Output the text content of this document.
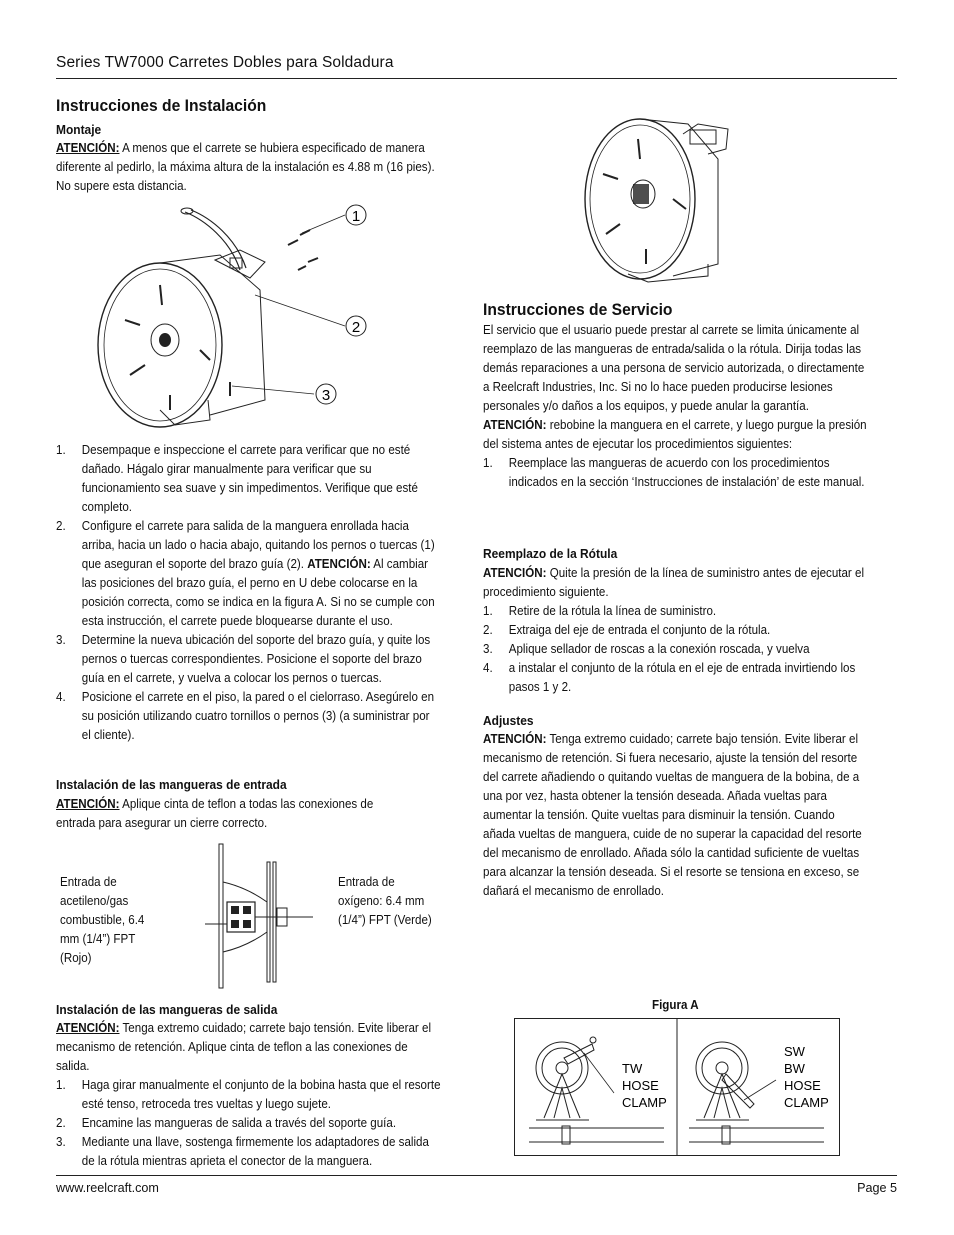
Series TW7000 Carretes Dobles para Soldadura
Instrucciones de Instalación
Montaje
ATENCIÓN: A menos que el carrete se hubiera especificado de manera diferente al pedirlo, la máxima altura de la instalación es 4.88 m (16 pies). No supere esta distancia.
1
2
3
1. Desempaque e inspeccione el carrete para verificar que no esté dañado. Hágalo girar manualmente para verificar que su funcionamiento sea suave y sin impedimentos. Verifique que esté completo.
2. Configure el carrete para salida de la manguera enrollada hacia arriba, hacia un lado o hacia abajo, quitando los pernos o tuercas (1) que aseguran el soporte del brazo guía (2). ATENCIÓN: Al cambiar las posiciones del brazo guía, el perno en U debe colocarse en la posición correcta, como se indica en la figura A. Si no se cumple con esta instrucción, el carrete puede bloquearse durante el uso.
3. Determine la nueva ubicación del soporte del brazo guía, y quite los pernos o tuercas correspondientes. Posicione el soporte del brazo guía en el carrete, y vuelva a colocar los pernos o tuercas.
4. Posicione el carrete en el piso, la pared o el cielorraso. Asegúrelo en su posición utilizando cuatro tornillos o pernos (3) (a suministrar por el cliente).
Instalación de las mangueras de entrada
ATENCIÓN: Aplique cinta de teflon a todas las conexiones de entrada para asegurar un cierre correcto.
Entrada de acetileno/gas combustible, 6.4 mm (1/4”) FPT (Rojo)
Entrada de oxígeno: 6.4 mm (1/4”) FPT (Verde)
Instalación de las mangueras de salida
ATENCIÓN: Tenga extremo cuidado; carrete bajo tensión. Evite liberar el mecanismo de retención. Aplique cinta de teflon a las conexiones de salida.
1. Haga girar manualmente el conjunto de la bobina hasta que el resorte esté tenso, retroceda tres vueltas y luego sujete.
2. Encamine las mangueras de salida a través del soporte guía.
3. Mediante una llave, sostenga firmemente los adaptadores de salida de la rótula mientras aprieta el conector de la manguera.
Instrucciones de Servicio
El servicio que el usuario puede prestar al carrete se limita únicamente al reemplazo de las mangueras de entrada/salida o la rótula. Dirija todas las demás reparaciones a una persona de servicio autorizada, o directamente a Reelcraft Industries, Inc. Si no lo hace pueden producirse lesiones personales y/o daños a los equipos, y puede anular la garantía.
ATENCIÓN: rebobine la manguera en el carrete, y luego purgue la presión del sistema antes de ejecutar los procedimientos siguientes:
1. Reemplace las mangueras de acuerdo con los procedimientos indicados en la sección ‘Instrucciones de instalación’ de este manual.
Reemplazo de la Rótula
ATENCIÓN: Quite la presión de la línea de suministro antes de ejecutar el procedimiento siguiente.
1. Retire de la rótula la línea de suministro.
2. Extraiga del eje de entrada el conjunto de la rótula.
3. Aplique sellador de roscas a la conexión roscada, y vuelva
4. a instalar el conjunto de la rótula en el eje de entrada invirtiendo los pasos 1 y 2.
Adjustes
ATENCIÓN: Tenga extremo cuidado; carrete bajo tensión. Evite liberar el mecanismo de retención. Si fuera necesario, ajuste la tensión del resorte del carrete añadiendo o quitando vueltas de manguera de la bobina, de a una por vez, hasta obtener la tensión deseada. Añada vueltas para aumentar la tensión. Quite vueltas para disminuir la tensión. Cuando añada vueltas de manguera, cuide de no superar la capacidad del resorte del mecanismo de enrollado. Añada sólo la cantidad suficiente de vueltas para alcanzar la tensión deseada. Si el resorte se tensiona en exceso, se dañará el mecanismo de enrollado.
Figura A
TW
HOSE
CLAMP
SW
BW
HOSE
CLAMP
www.reelcraft.com	Page 5
